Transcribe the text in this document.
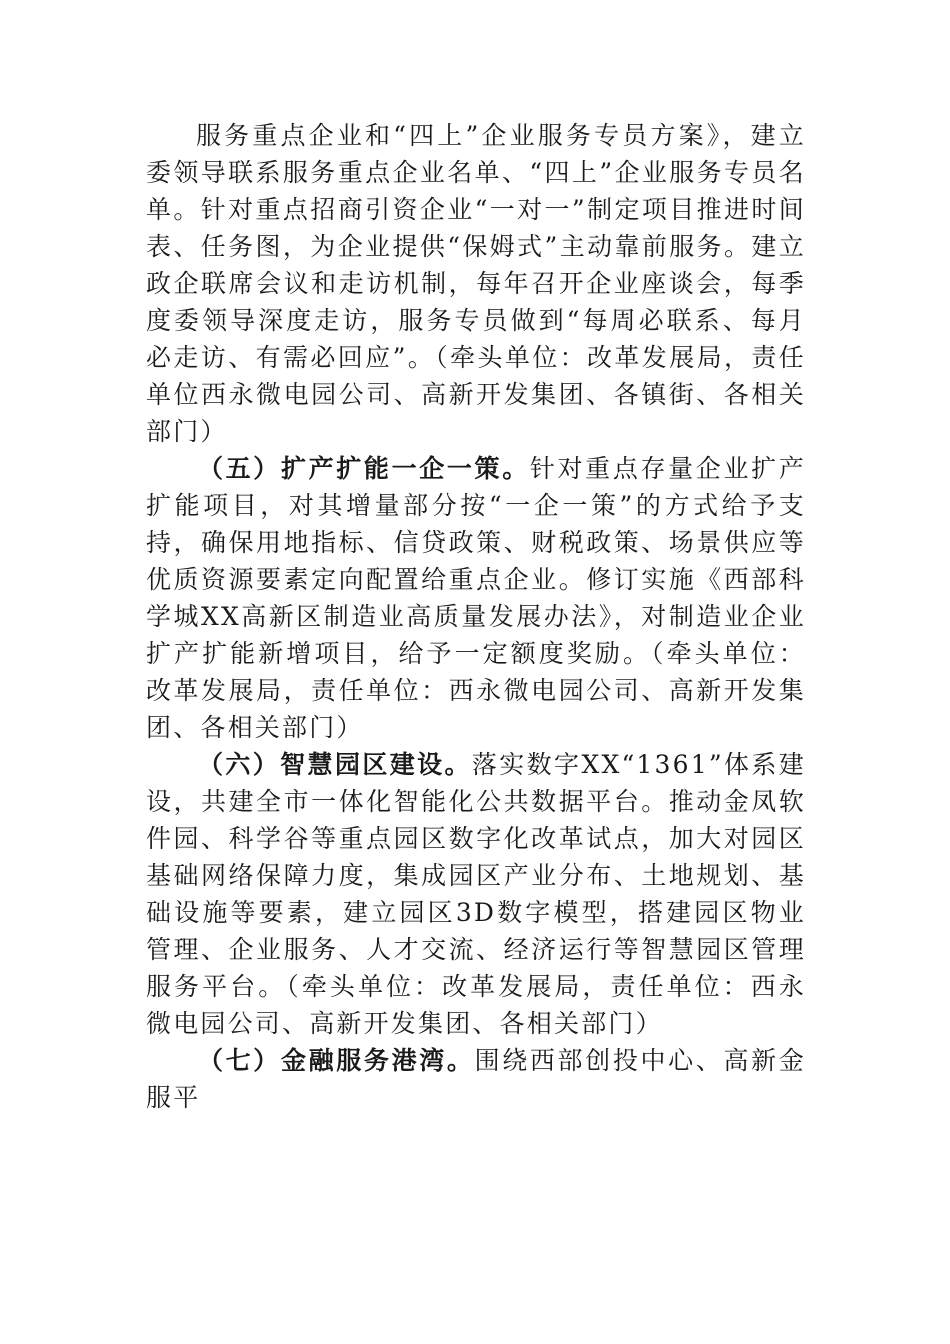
服务重点企业和“四上”企业服务专员方案》，建立委领导联系服务重点企业名单、“四上”企业服务专员名单。针对重点招商引资企业“一对一”制定项目推进时间表、任务图，为企业提供“保姆式”主动靠前服务。建立政企联席会议和走访机制，每年召开企业座谈会，每季度委领导深度走访，服务专员做到“每周必联系、每月必走访、有需必回应”。（牵头单位：改革发展局，责任单位西永微电园公司、高新开发集团、各镇街、各相关部门）

（五）扩产扩能一企一策。针对重点存量企业扩产扩能项目，对其增量部分按“一企一策”的方式给予支持，确保用地指标、信贷政策、财税政策、场景供应等优质资源要素定向配置给重点企业。修订实施《西部科学城XX高新区制造业高质量发展办法》，对制造业企业扩产扩能新增项目，给予一定额度奖励。（牵头单位：改革发展局，责任单位：西永微电园公司、高新开发集团、各相关部门）

（六）智慧园区建设。落实数字XX“1361”体系建设，共建全市一体化智能化公共数据平台。推动金凤软件园、科学谷等重点园区数字化改革试点，加大对园区基础网络保障力度，集成园区产业分布、土地规划、基础设施等要素，建立园区3D数字模型，搭建园区物业管理、企业服务、人才交流、经济运行等智慧园区管理服务平台。（牵头单位：改革发展局，责任单位：西永微电园公司、高新开发集团、各相关部门）

（七）金融服务港湾。围绕西部创投中心、高新金服平
